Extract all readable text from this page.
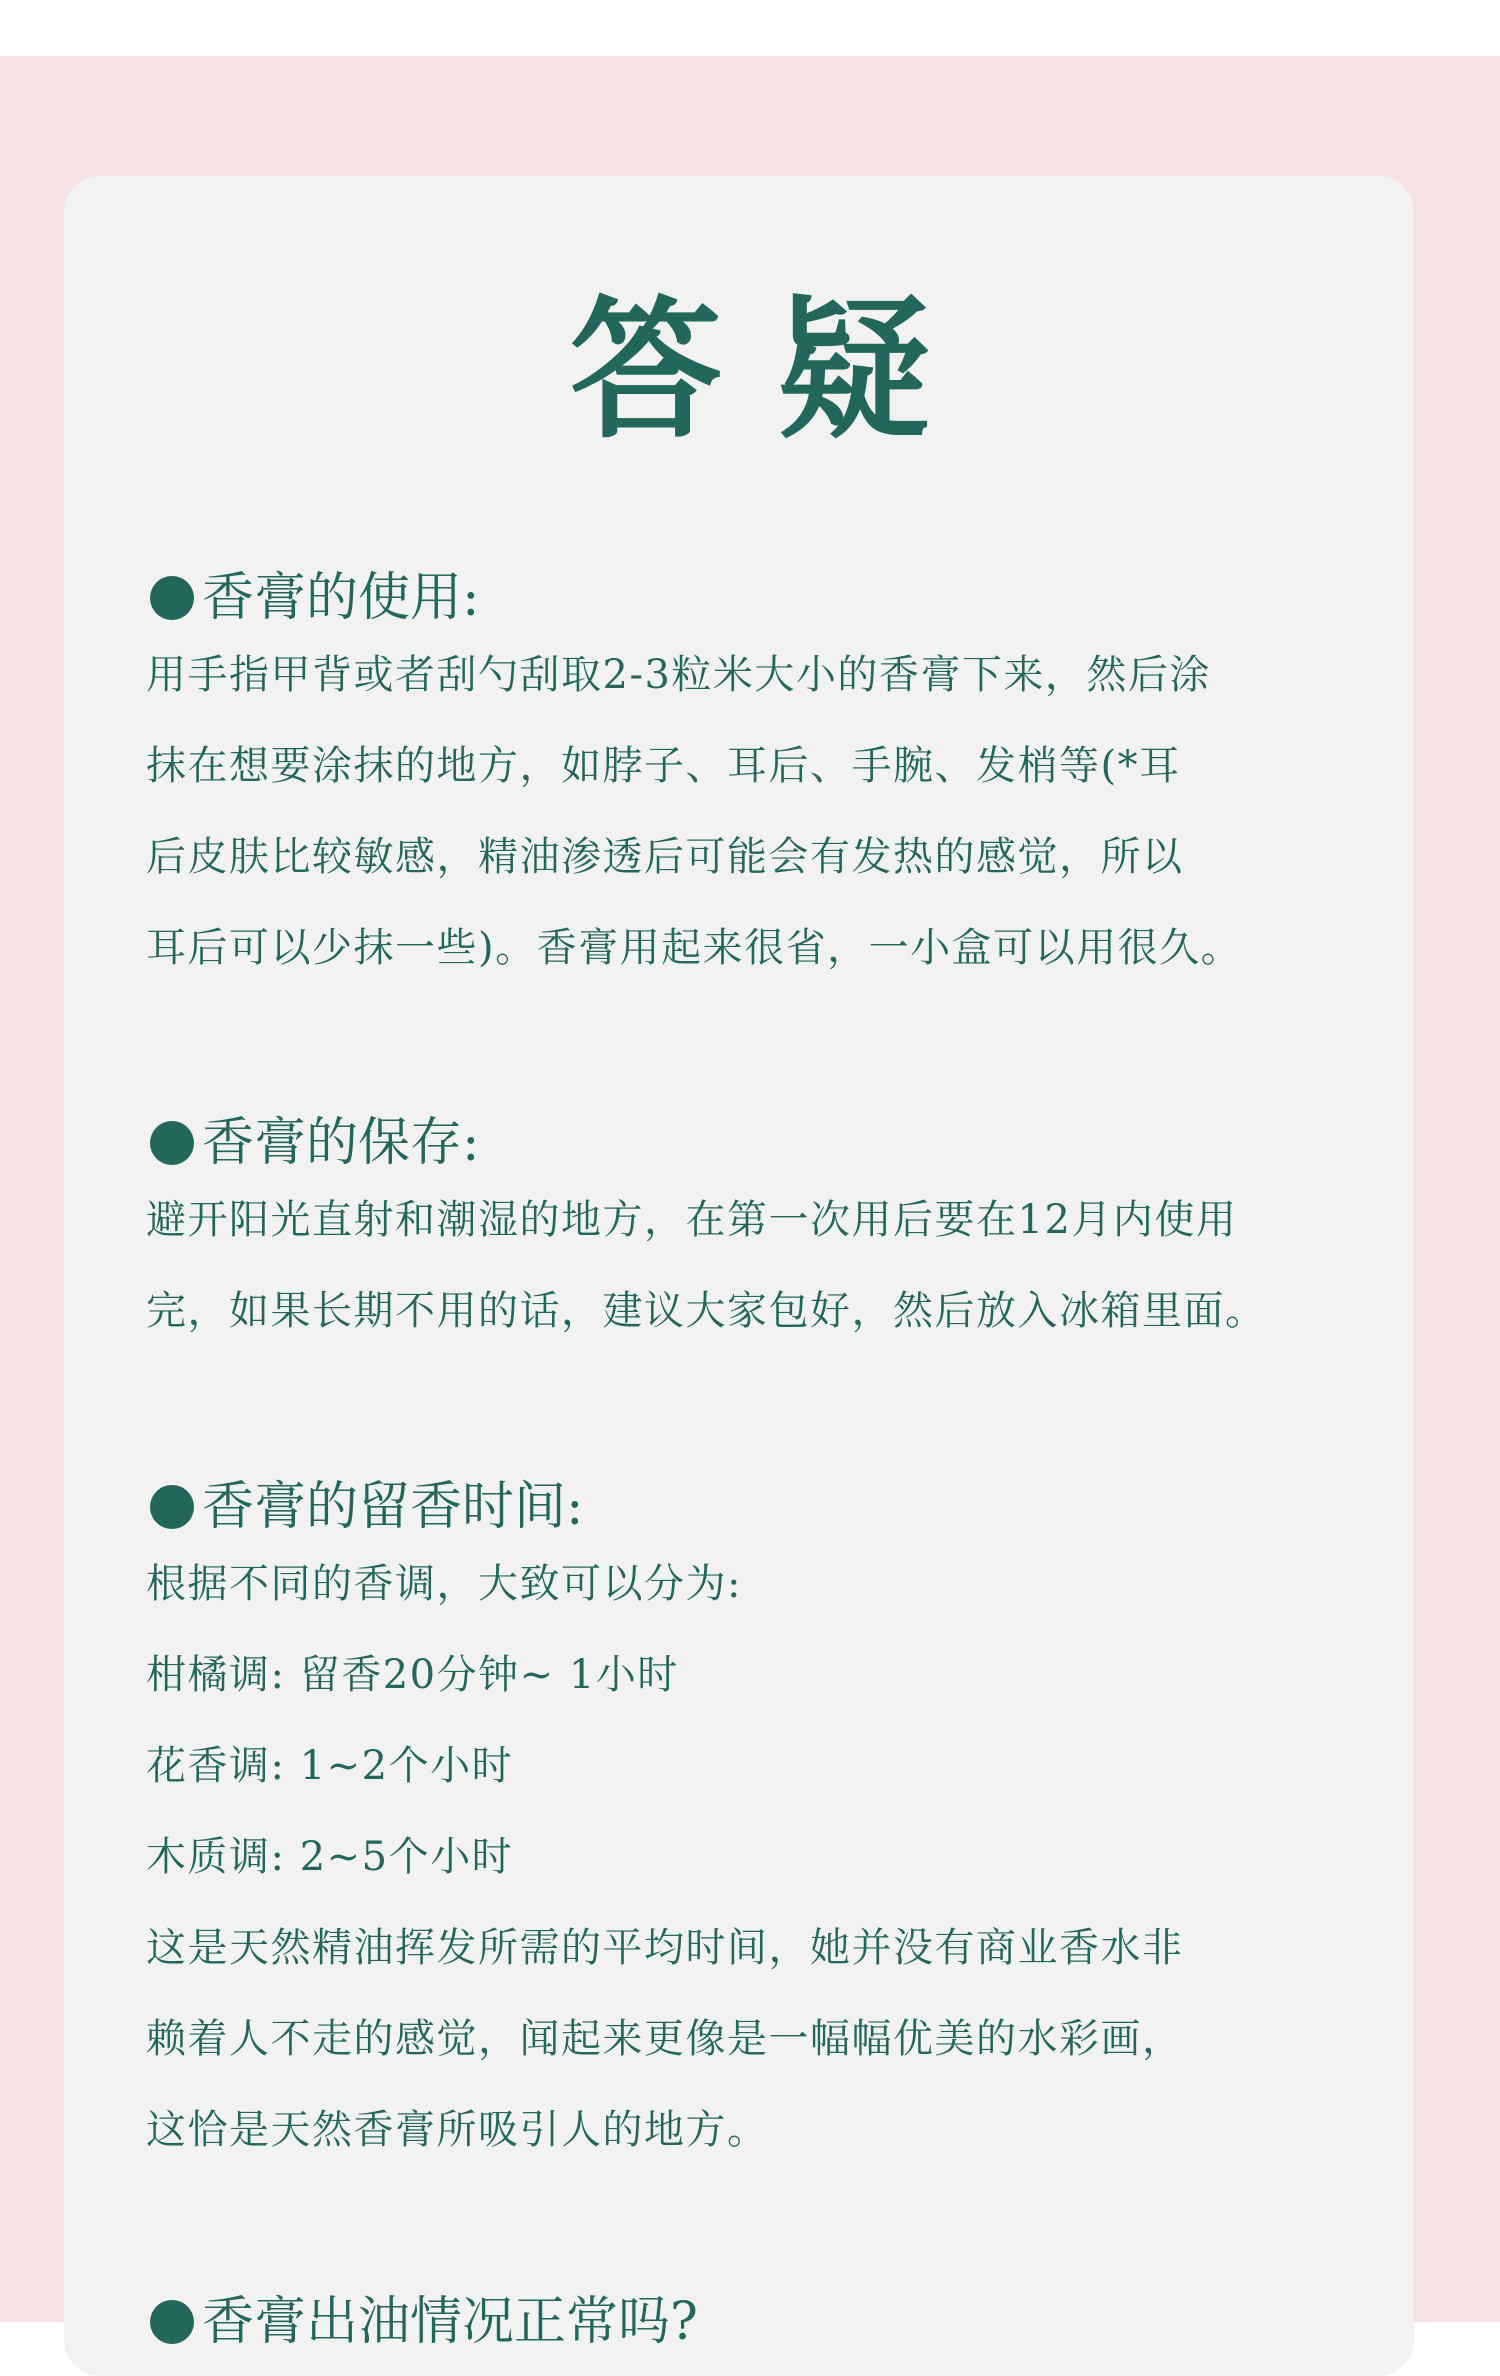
答疑
香膏的使用:
用手指甲背或者刮勺刮取2-3粒米大小的香膏下来，然后涂
抹在想要涂抹的地方，如脖子、耳后、手腕、发梢等(*耳
后皮肤比较敏感，精油渗透后可能会有发热的感觉，所以
耳后可以少抹一些)。香膏用起来很省，一小盒可以用很久。
香膏的保存:
避开阳光直射和潮湿的地方，在第一次用后要在12月内使用
完，如果长期不用的话，建议大家包好，然后放入冰箱里面。
香膏的留香时间:
根据不同的香调，大致可以分为:
柑橘调: 留香20分钟~ 1小时
花香调: 1~2个小时
木质调: 2~5个小时
这是天然精油挥发所需的平均时间，她并没有商业香水非
赖着人不走的感觉，闻起来更像是一幅幅优美的水彩画，
这恰是天然香膏所吸引人的地方。
香膏出油情况正常吗?
